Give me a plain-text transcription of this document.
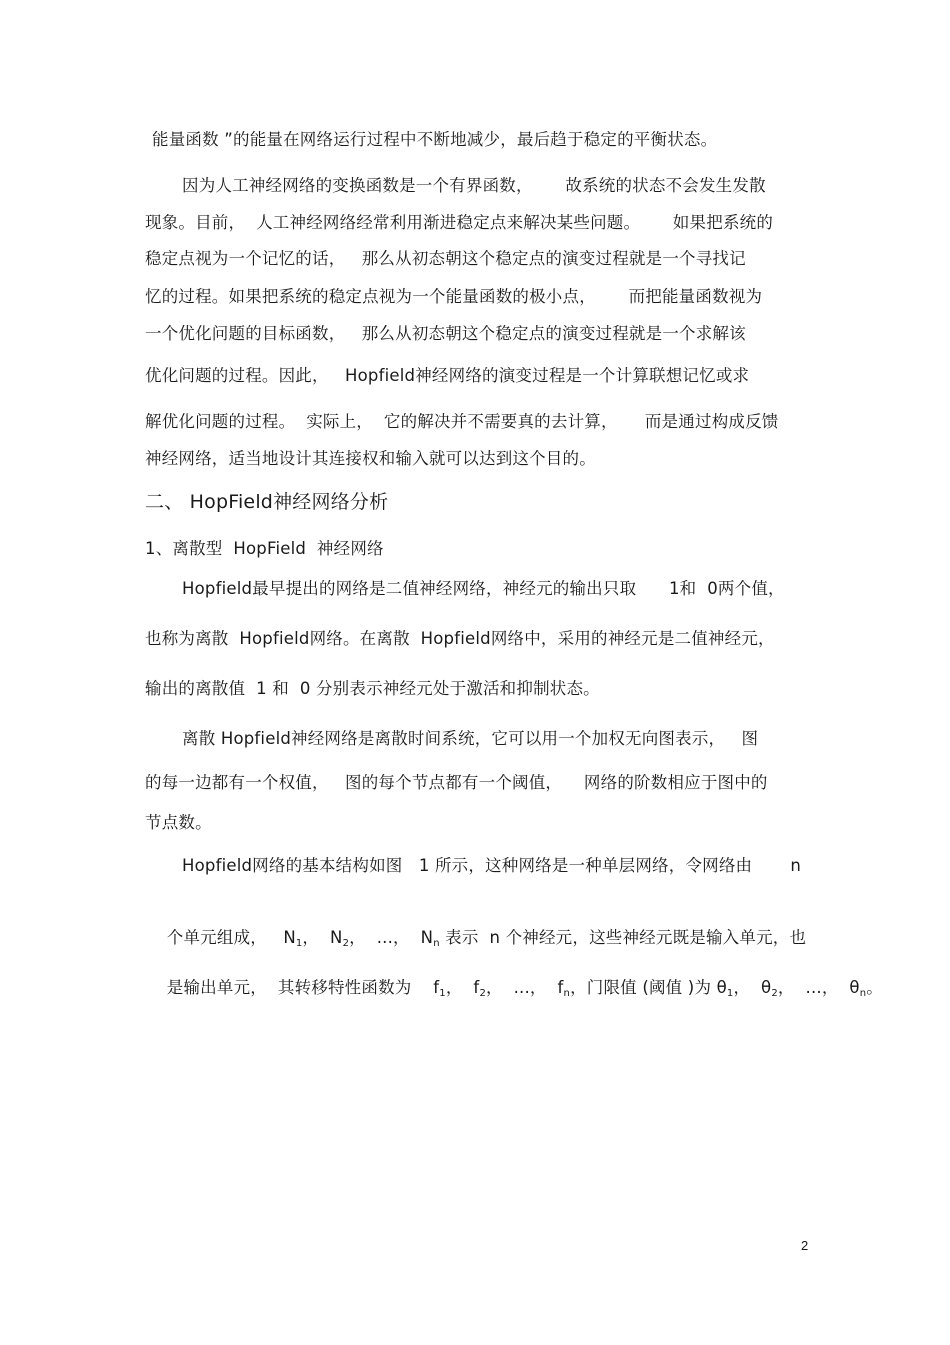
能量函数 ”的能量在网络运行过程中不断地减少，最后趋于稳定的平衡状态。
因为人工神经网络的变换函数是一个有界函数，      故系统的状态不会发生发散
现象。目前，  人工神经网络经常利用渐进稳定点来解决某些问题。      如果把系统的
稳定点视为一个记忆的话，   那么从初态朝这个稳定点的演变过程就是一个寻找记
忆的过程。如果把系统的稳定点视为一个能量函数的极小点，      而把能量函数视为
一个优化问题的目标函数，   那么从初态朝这个稳定点的演变过程就是一个求解该
优化问题的过程。因此，   Hopfield神经网络的演变过程是一个计算联想记忆或求
解优化问题的过程。  实际上，  它的解决并不需要真的去计算，     而是通过构成反馈
神经网络，适当地设计其连接权和输入就可以达到这个目的。
二、 HopField神经网络分析
1、离散型  HopField  神经网络
Hopfield最早提出的网络是二值神经网络，神经元的输出只取      1和  0两个值，
也称为离散  Hopfield网络。在离散  Hopfield网络中，采用的神经元是二值神经元，
输出的离散值  1 和  0 分别表示神经元处于激活和抑制状态。
离散 Hopfield神经网络是离散时间系统，它可以用一个加权无向图表示，   图
的每一边都有一个权值，   图的每个节点都有一个阈值，    网络的阶数相应于图中的
节点数。
Hopfield网络的基本结构如图   1 所示，这种网络是一种单层网络，令网络由       n

个单元组成，   $N_1$，  $N_2$，  ...，  $N_n$ 表示  n 个神经元，这些神经元既是输入单元，也

是输出单元，  其转移特性函数为    $f_1$，  $f_2$，  ...，  $f_n$，门限值 (阈值 )为 $\theta_1$，  $\theta_2$，  ...，  $\theta_n$。

2
